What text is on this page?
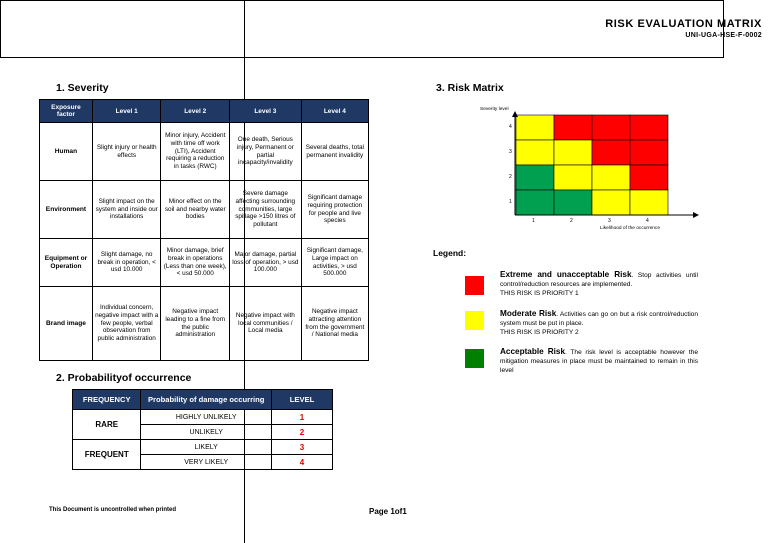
RISK EVALUATION MATRIX
UNI-UGA-HSE-F-0002
1. Severity
Exposure factor	Level 1	Level 2	Level 3	Level 4
Human	Slight injury or health effects	Minor injury, Accident with time off work (LTI), Accident requiring a reduction in tasks (RWC)	One death, Serious injury, Permanent or partial incapacity/invalidity	Several deaths, total permanent invalidity
Environment	Slight impact on the system and inside our installations	Minor effect on the soil and nearby water bodies	Severe damage affecting surrounding communities, large spillage >150 litres of pollutant	Significant damage requiring protection for people and live species
Equipment or Operation	Slight damage, no break in operation, < usd 10.000	Minor damage, brief break in operations (Less than one week), < usd 50.000	Major damage, partial loss of operation, > usd 100.000	Significant damage, Large impact on activities, > usd 500.000
Brand image	Individual concern, negative impact with a few people, verbal observation from public administration	Negative impact leading to a fine from the public administration	Negative impact with local communities / Local media	Negative impact attracting attention from the government / National media
2. Probabilityof occurrence
FREQUENCY	Probability of damage occurring	LEVEL
RARE	HIGHLY UNLIKELY	1
	UNLIKELY	2
FREQUENT	LIKELY	3
	VERY LIKELY	4
3. Risk Matrix
Severity level
Likelihood of the occurrence
4
3
2
1
1	2	3	4
Legend:
Extreme and unacceptable Risk. Stop activities until control/reduction resources are implemented.
THIS RISK IS PRIORITY 1
Moderate Risk. Activities can go on but a risk control/reduction system must be put in place.
THIS RISK IS PRIORITY 2
Acceptable Risk. The risk level is acceptable however the mitigation measures in place must be maintained to remain in this level
This Document is uncontrolled when printed	Page 1of1
